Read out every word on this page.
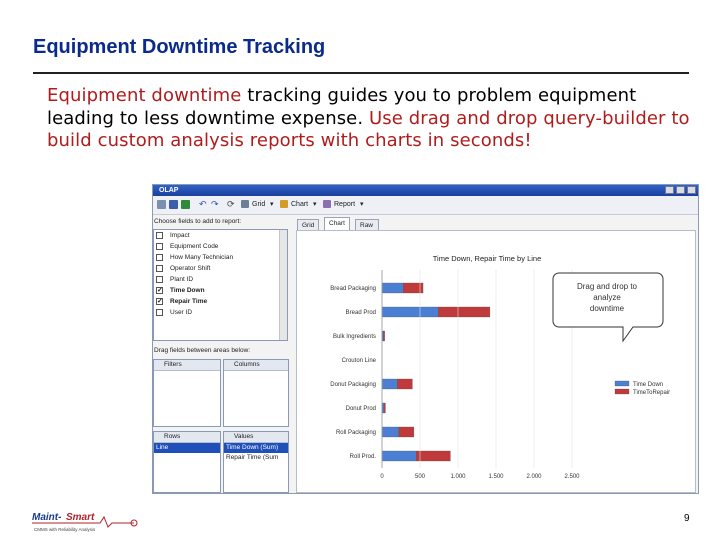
Equipment Downtime Tracking
Equipment downtime tracking guides you to problem equipment leading to less downtime expense. Use drag and drop query-builder to build custom analysis reports with charts in seconds!
OLAP
↶ ↷ ⟳ Grid ▾ Chart ▾ Report ▾
Choose fields to add to report:
Impact
Equipment Code
How Many Technician
Operator Shift
Plant ID
✓ Time Down
✓ Repair Time
User ID
Drag fields between areas below:
Filters	Columns
Rows
Line
Values
Time Down (Sum)
Repair Time (Sum
Grid	Chart	Raw
Time Down, Repair Time by Line
0	500	1.000	1.500	2.000	2.500
Bread Packaging
Bread Prod
Bulk Ingredients
Crouton Line
Donut Packaging
Donut Prod
Roll Packaging
Roll Prod.
Time Down
TimeToRepair
Drag and drop to
analyze
downtime
Maint- Smart
CMMS with Reliability Analysis
9
